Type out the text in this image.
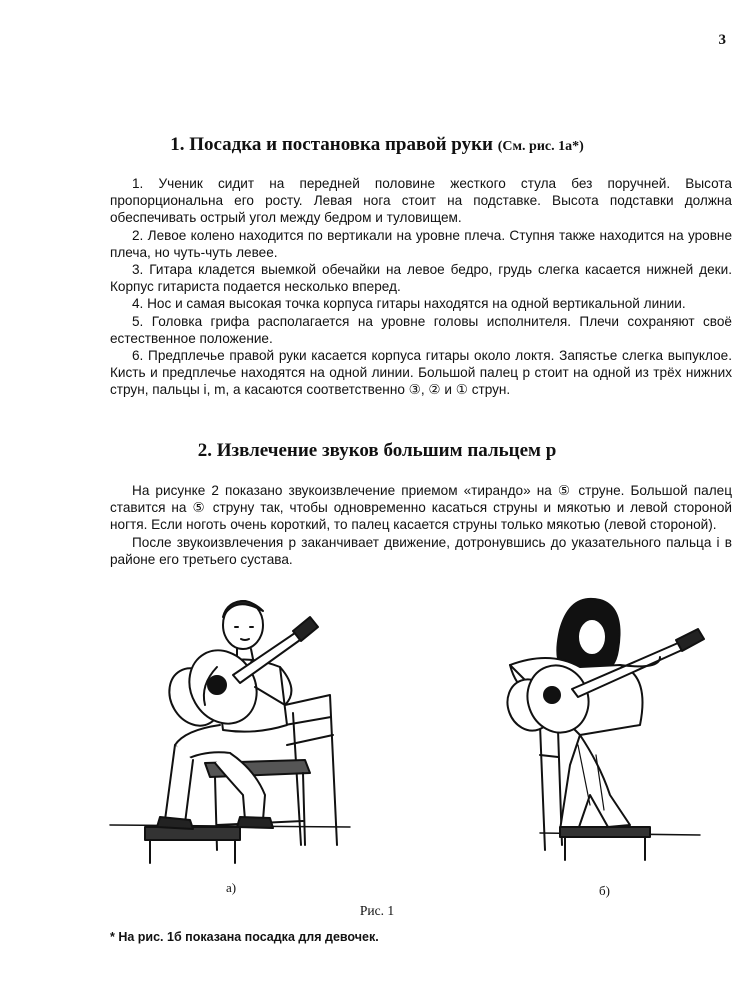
3
1. Посадка и постановка правой руки (См. рис. 1а*)

1. Ученик сидит на передней половине жесткого стула без поручней. Высота пропорциональна его росту. Левая нога стоит на подставке. Высота подставки должна обеспечивать острый угол между бедром и туловищем.

2. Левое колено находится по вертикали на уровне плеча. Ступня также находится на уровне плеча, но чуть-чуть левее.

3. Гитара кладется выемкой обечайки на левое бедро, грудь слегка касается нижней деки. Корпус гитариста подается несколько вперед.

4. Нос и самая высокая точка корпуса гитары находятся на одной вертикальной линии.

5. Головка грифа располагается на уровне головы исполнителя. Плечи сохраняют своё естественное положение.

6. Предплечье правой руки касается корпуса гитары около локтя. Запястье слегка выпуклое. Кисть и предплечье находятся на одной линии. Большой палец p стоит на одной из трёх нижних струн, пальцы i, m, a касаются соответственно ③, ② и ① струн.

2. Извлечение звуков большим пальцем p

На рисунке 2 показано звукоизвлечение приемом «тирандо» на ⑤ струне. Большой палец ставится на ⑤ струну так, чтобы одновременно касаться струны и мякотью и левой стороной ногтя. Если ноготь очень короткий, то палец касается струны только мякотью (левой стороной).

После звукоизвлечения p заканчивает движение, дотронувшись до указательного пальца i в районе его третьего сустава.

а)	б)
Рис. 1
* На рис. 1б показана посадка для девочек.
